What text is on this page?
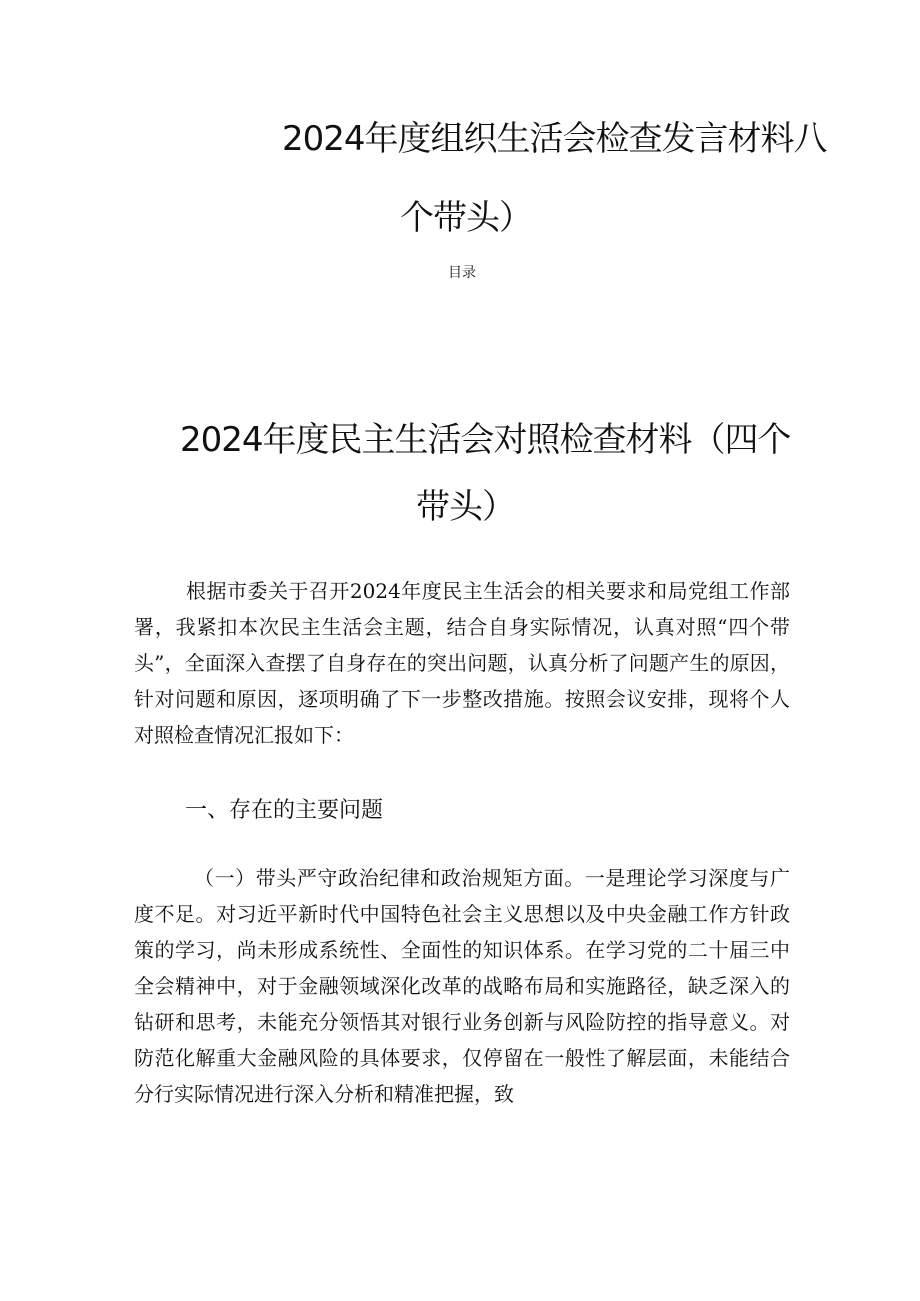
2024年度组织生活会检查发言材料八
个带头）
目录
2024年度民主生活会对照检查材料（四个
带头）

根据市委关于召开2024年度民主生活会的相关要求和局党组工作部署，我紧扣本次民主生活会主题，结合自身实际情况，认真对照“四个带头”，全面深入查摆了自身存在的突出问题，认真分析了问题产生的原因，针对问题和原因，逐项明确了下一步整改措施。按照会议安排，现将个人对照检查情况汇报如下：

一、存在的主要问题

（一）带头严守政治纪律和政治规矩方面。一是理论学习深度与广度不足。对习近平新时代中国特色社会主义思想以及中央金融工作方针政策的学习，尚未形成系统性、全面性的知识体系。在学习党的二十届三中全会精神中，对于金融领域深化改革的战略布局和实施路径，缺乏深入的钻研和思考，未能充分领悟其对银行业务创新与风险防控的指导意义。对防范化解重大金融风险的具体要求，仅停留在一般性了解层面，未能结合分行实际情况进行深入分析和精准把握，致
